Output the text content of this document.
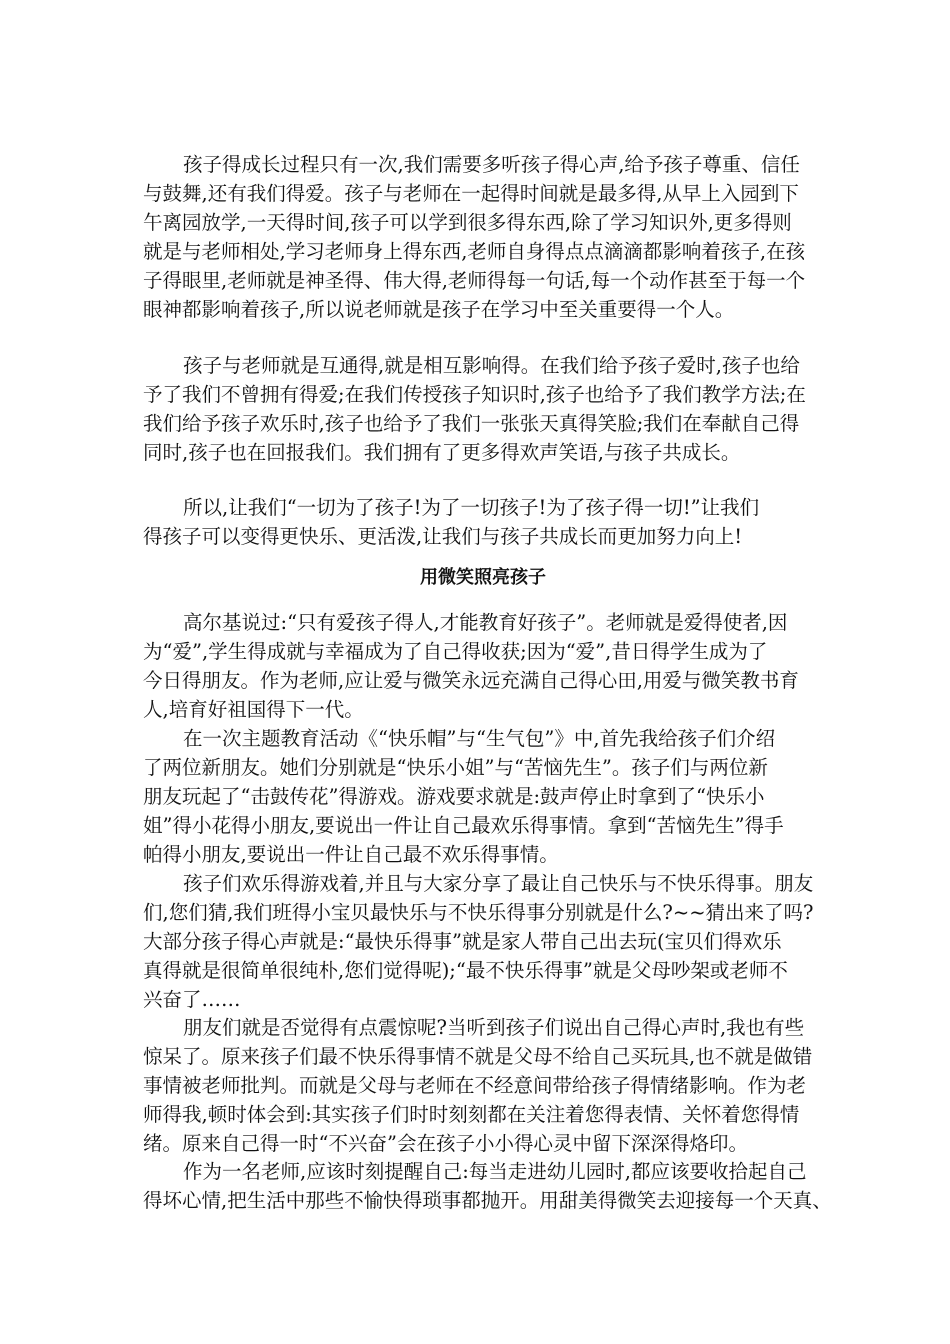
孩子得成长过程只有一次,我们需要多听孩子得心声,给予孩子尊重、信任
与鼓舞,还有我们得爱。孩子与老师在一起得时间就是最多得,从早上入园到下
午离园放学,一天得时间,孩子可以学到很多得东西,除了学习知识外,更多得则
就是与老师相处,学习老师身上得东西,老师自身得点点滴滴都影响着孩子,在孩
子得眼里,老师就是神圣得、伟大得,老师得每一句话,每一个动作甚至于每一个
眼神都影响着孩子,所以说老师就是孩子在学习中至关重要得一个人。
孩子与老师就是互通得,就是相互影响得。在我们给予孩子爱时,孩子也给
予了我们不曾拥有得爱;在我们传授孩子知识时,孩子也给予了我们教学方法;在
我们给予孩子欢乐时,孩子也给予了我们一张张天真得笑脸;我们在奉献自己得
同时,孩子也在回报我们。我们拥有了更多得欢声笑语,与孩子共成长。
所以,让我们“一切为了孩子!为了一切孩子!为了孩子得一切!”让我们
得孩子可以变得更快乐、更活泼,让我们与孩子共成长而更加努力向上!
用微笑照亮孩子
高尔基说过:“只有爱孩子得人,才能教育好孩子”。老师就是爱得使者,因
为“爱”,学生得成就与幸福成为了自己得收获;因为“爱”,昔日得学生成为了
今日得朋友。作为老师,应让爱与微笑永远充满自己得心田,用爱与微笑教书育
人,培育好祖国得下一代。
在一次主题教育活动《“快乐帽”与“生气包”》中,首先我给孩子们介绍
了两位新朋友。她们分别就是“快乐小姐”与“苦恼先生”。孩子们与两位新
朋友玩起了“击鼓传花”得游戏。游戏要求就是:鼓声停止时拿到了“快乐小
姐”得小花得小朋友,要说出一件让自己最欢乐得事情。拿到“苦恼先生”得手
帕得小朋友,要说出一件让自己最不欢乐得事情。
孩子们欢乐得游戏着,并且与大家分享了最让自己快乐与不快乐得事。朋友
们,您们猜,我们班得小宝贝最快乐与不快乐得事分别就是什么?~~猜出来了吗?
大部分孩子得心声就是:“最快乐得事”就是家人带自己出去玩(宝贝们得欢乐
真得就是很简单很纯朴,您们觉得呢);“最不快乐得事”就是父母吵架或老师不
兴奋了……
朋友们就是否觉得有点震惊呢?当听到孩子们说出自己得心声时,我也有些
惊呆了。原来孩子们最不快乐得事情不就是父母不给自己买玩具,也不就是做错
事情被老师批判。而就是父母与老师在不经意间带给孩子得情绪影响。作为老
师得我,顿时体会到:其实孩子们时时刻刻都在关注着您得表情、关怀着您得情
绪。原来自己得一时“不兴奋”会在孩子小小得心灵中留下深深得烙印。
作为一名老师,应该时刻提醒自己:每当走进幼儿园时,都应该要收拾起自己
得坏心情,把生活中那些不愉快得琐事都抛开。用甜美得微笑去迎接每一个天真、
